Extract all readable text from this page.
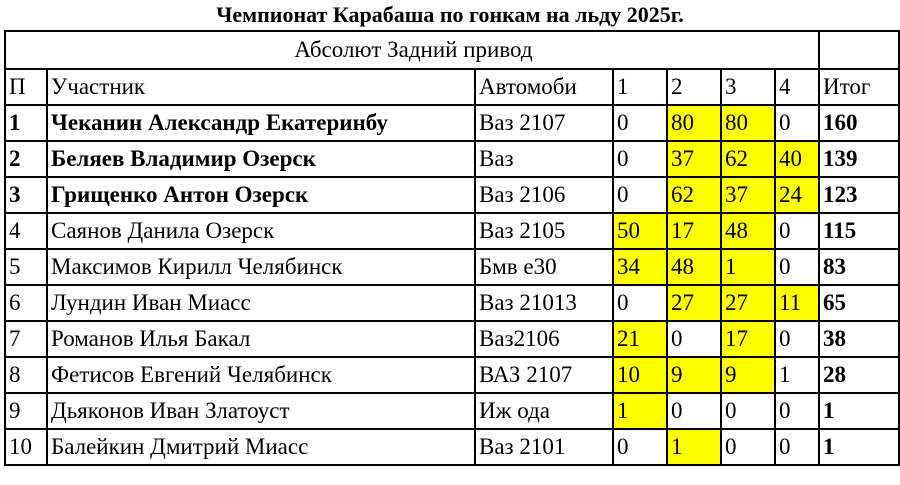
Чемпионат Карабаша по гонкам на льду 2025г.
Абсолют Задний привод							
П	Участник	Автомоби	1	2	3	4	Итог
1	Чеканин Александр Екатеринбу	Ваз 2107	0	80	80	0	160
2	Беляев Владимир Озерск	Ваз	0	37	62	40	139
3	Грищенко Антон Озерск	Ваз 2106	0	62	37	24	123
4	Саянов Данила Озерск	Ваз 2105	50	17	48	0	115
5	Максимов Кирилл Челябинск	Бмв е30	34	48	1	0	83
6	Лундин Иван Миасс	Ваз 21013	0	27	27	11	65
7	Романов Илья Бакал	Ваз2106	21	0	17	0	38
8	Фетисов Евгений Челябинск	ВАЗ 2107	10	9	9	1	28
9	Дьяконов Иван Златоуст	Иж ода	1	0	0	0	1
10	Балейкин Дмитрий Миасс	Ваз 2101	0	1	0	0	1
